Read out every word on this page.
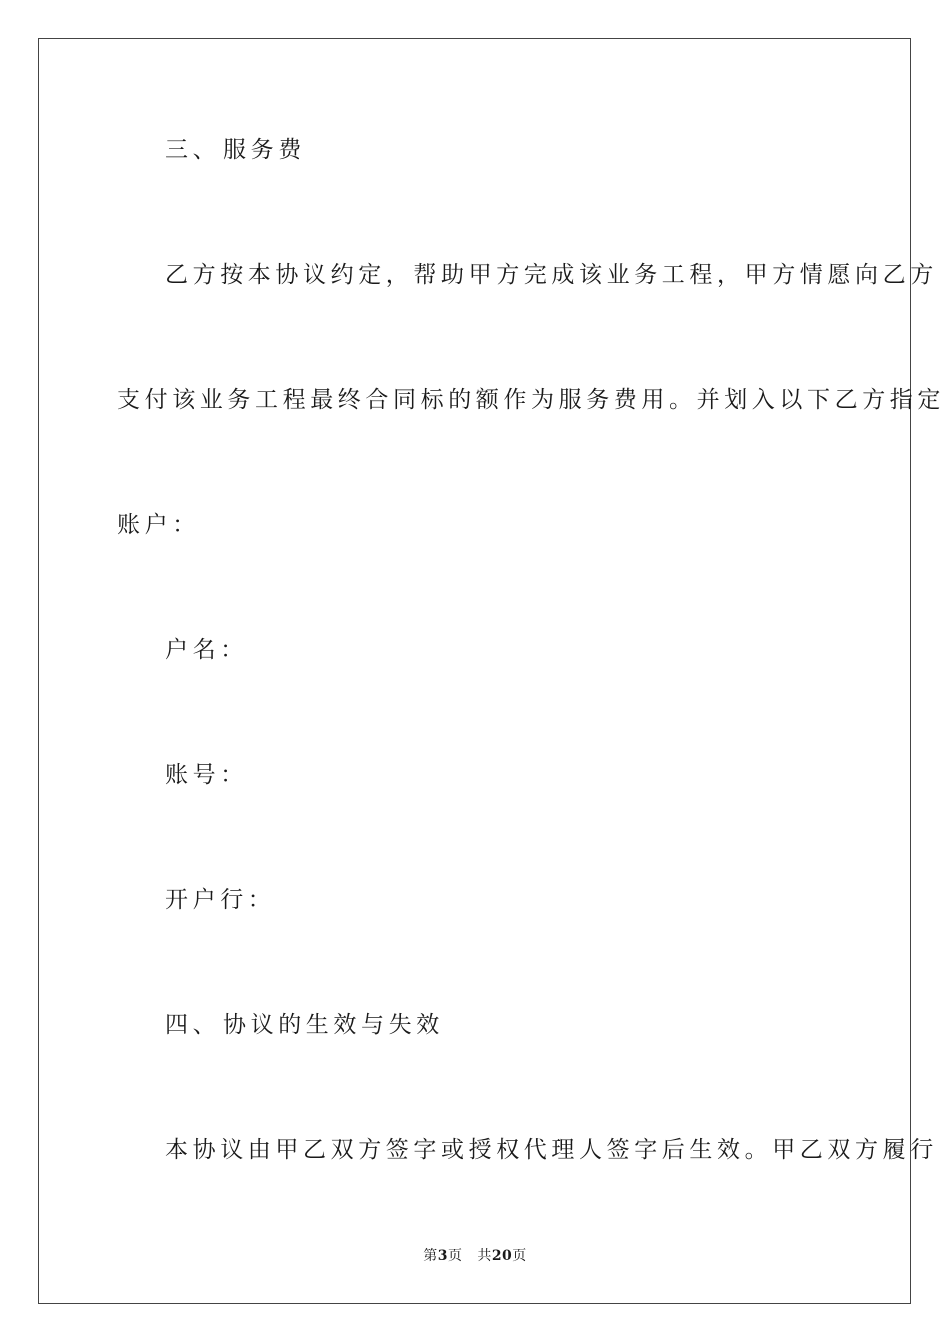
三、 服务费
乙方按本协议约定，帮助甲方完成该业务工程，甲方情愿向乙方
支付该业务工程最终合同标的额作为服务费用。并划入以下乙方指定
账户：
户名：
账号：
开户行：
四、 协议的生效与失效
本协议由甲乙双方签字或授权代理人签字后生效。甲乙双方履行
第3页 共20页
